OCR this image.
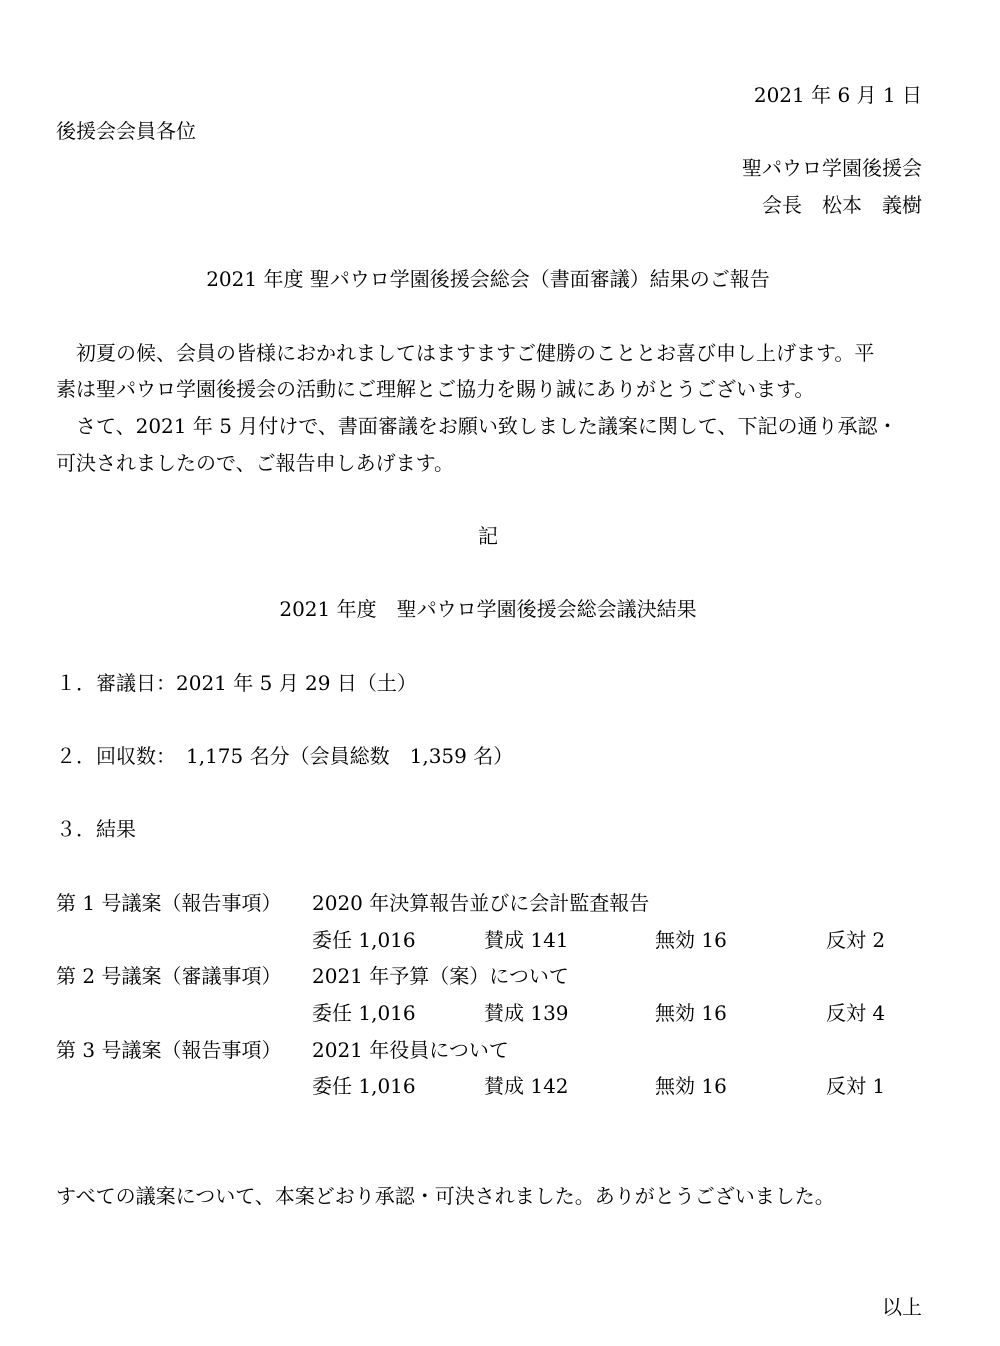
2021 年 6 月 1 日
後援会会員各位
聖パウロ学園後援会
会長　松本　義樹
2021 年度 聖パウロ学園後援会総会（書面審議）結果のご報告
初夏の候、会員の皆様におかれましてはますますご健勝のこととお喜び申し上げます。平
素は聖パウロ学園後援会の活動にご理解とご協力を賜り誠にありがとうございます。
さて、2021 年 5 月付けで、書面審議をお願い致しました議案に関して、下記の通り承認・
可決されましたので、ご報告申しあげます。
記
2021 年度　聖パウロ学園後援会総会議決結果
１．審議日：2021 年 5 月 29 日（土）
２．回収数：　1,175 名分（会員総数　1,359 名）
３．結果
第 1 号議案（報告事項） 2020 年決算報告並びに会計監査報告
委任 1,016	賛成 141	無効 16	反対 2
第 2 号議案（審議事項） 2021 年予算（案）について
委任 1,016	賛成 139	無効 16	反対 4
第 3 号議案（報告事項） 2021 年役員について
委任 1,016	賛成 142	無効 16	反対 1
すべての議案について、本案どおり承認・可決されました。ありがとうございました。
以上
